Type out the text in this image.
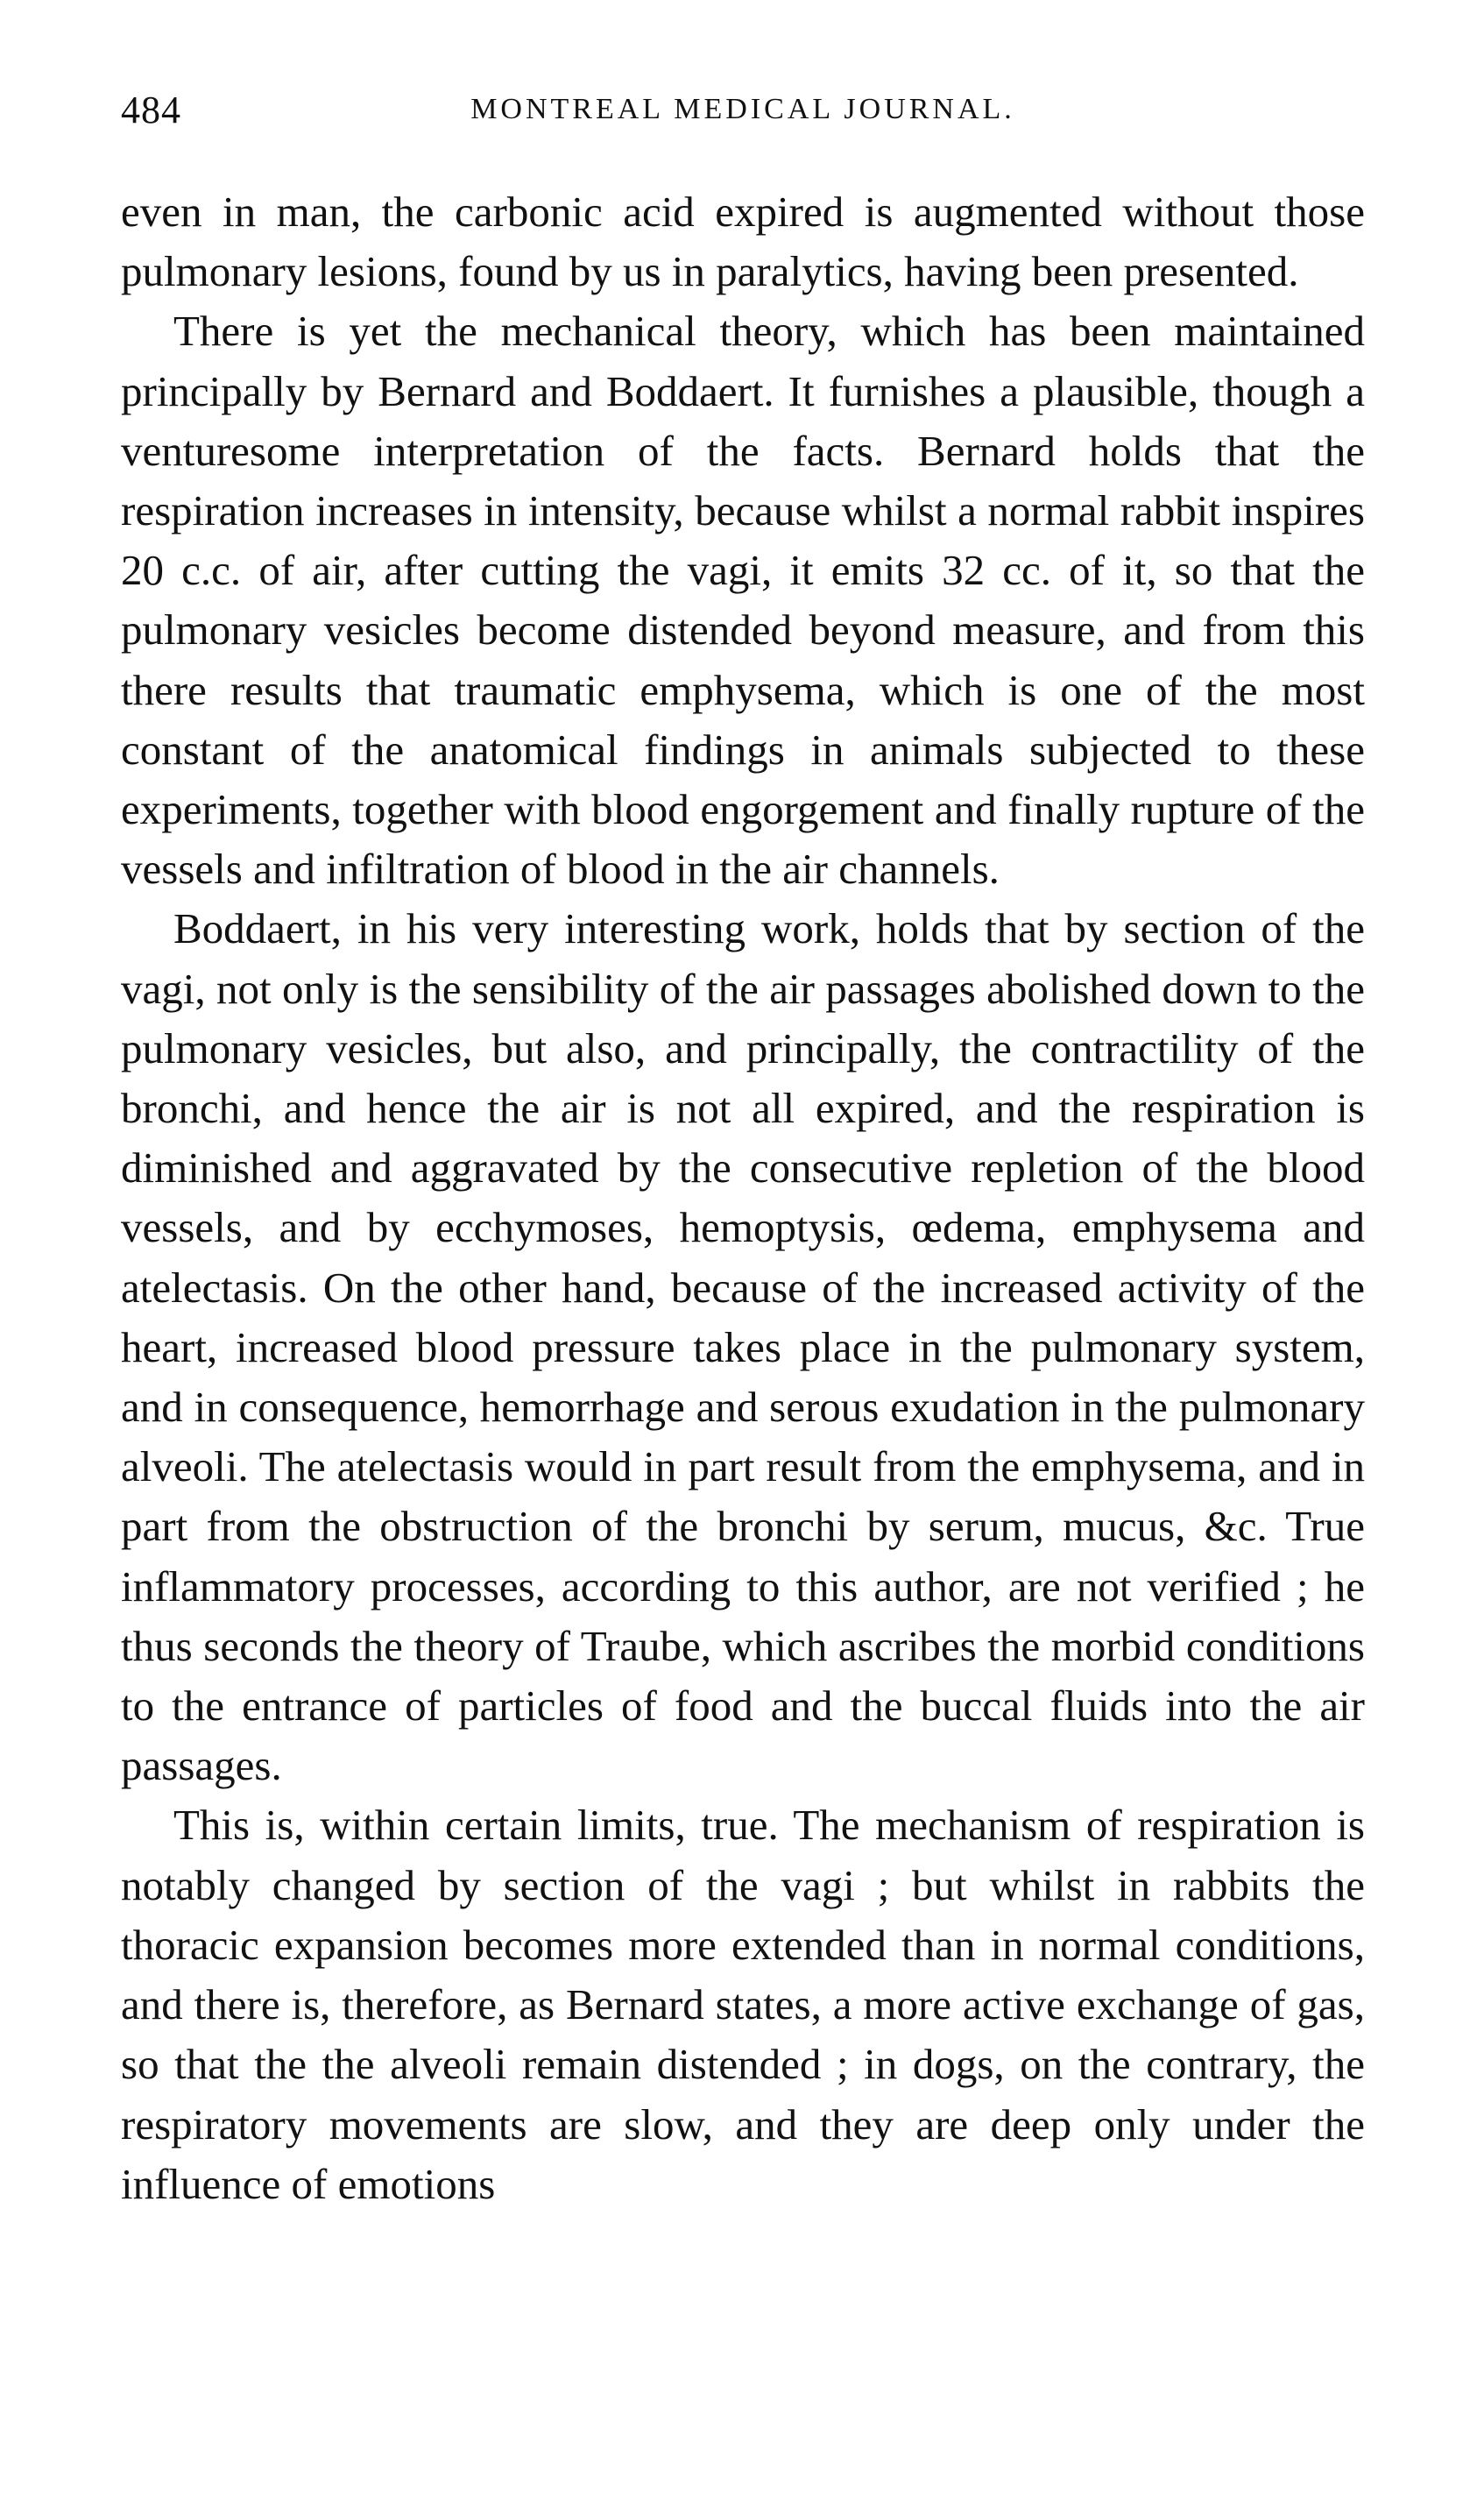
484	MONTREAL MEDICAL JOURNAL.

even in man, the carbonic acid expired is augmented without those pulmonary lesions, found by us in paralytics, having been presented.

There is yet the mechanical theory, which has been maintained principally by Bernard and Boddaert. It furnishes a plausible, though a venturesome interpretation of the facts. Bernard holds that the respiration increases in intensity, because whilst a normal rabbit inspires 20 c.c. of air, after cutting the vagi, it emits 32 cc. of it, so that the pulmonary vesicles become distended beyond measure, and from this there results that traumatic emphysema, which is one of the most constant of the anatomical findings in animals subjected to these experiments, together with blood engorgement and finally rupture of the vessels and infiltration of blood in the air channels.

Boddaert, in his very interesting work, holds that by section of the vagi, not only is the sensibility of the air passages abolished down to the pulmonary vesicles, but also, and principally, the contractility of the bronchi, and hence the air is not all expired, and the respiration is diminished and aggravated by the consecutive repletion of the blood vessels, and by ecchymoses, hemoptysis, œdema, emphysema and atelectasis. On the other hand, because of the increased activity of the heart, increased blood pressure takes place in the pulmonary system, and in consequence, hemorrhage and serous exudation in the pulmonary alveoli. The atelectasis would in part result from the emphysema, and in part from the obstruction of the bronchi by serum, mucus, &c. True inflammatory processes, according to this author, are not verified ; he thus seconds the theory of Traube, which ascribes the morbid conditions to the entrance of particles of food and the buccal fluids into the air passages.

This is, within certain limits, true. The mechanism of respiration is notably changed by section of the vagi ; but whilst in rabbits the thoracic expansion becomes more extended than in normal conditions, and there is, therefore, as Bernard states, a more active exchange of gas, so that the the alveoli remain distended ; in dogs, on the contrary, the respiratory movements are slow, and they are deep only under the influence of emotions
